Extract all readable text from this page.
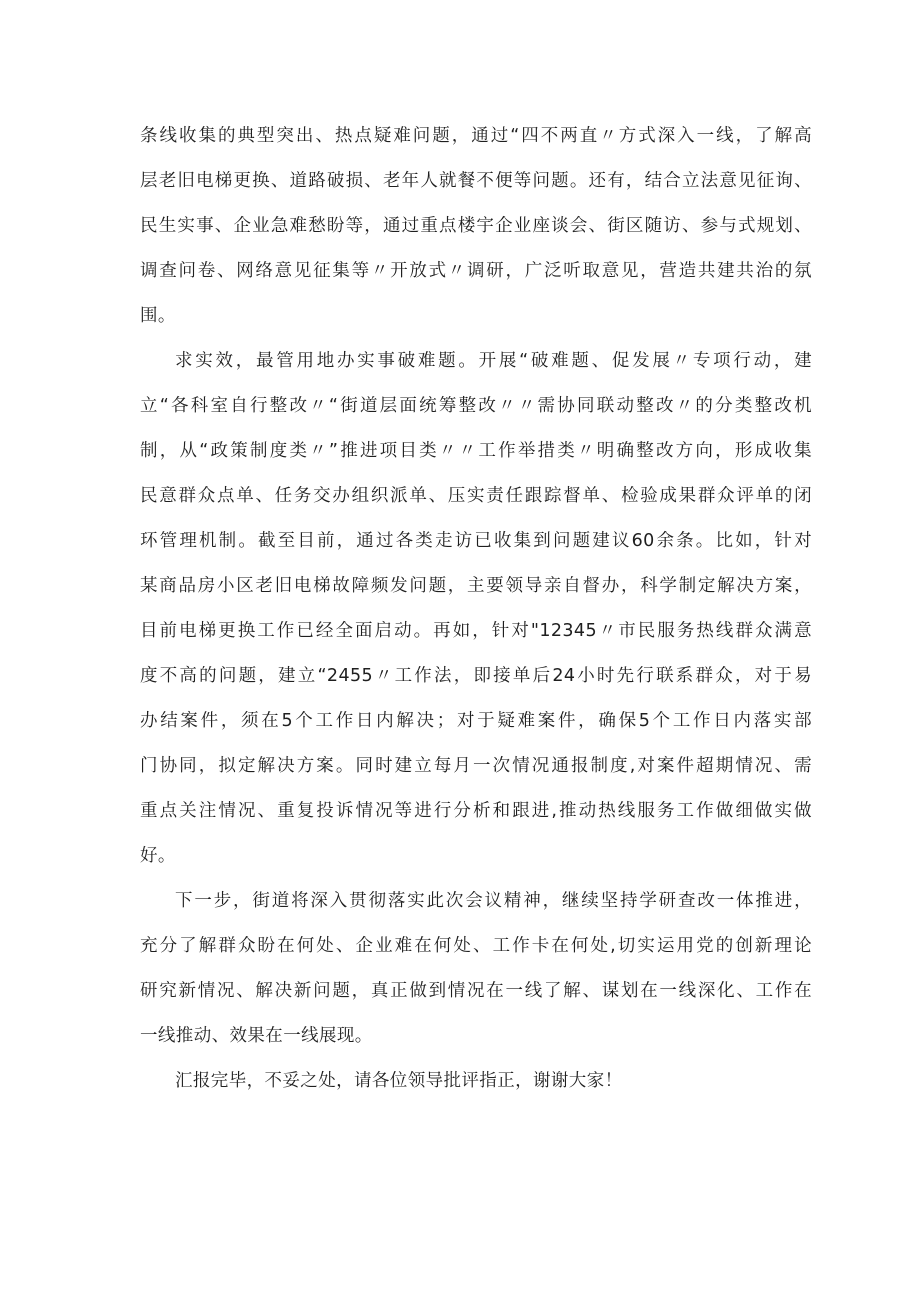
条线收集的典型突出、热点疑难问题，通过“四不两直〃方式深入一线，了解高
层老旧电梯更换、道路破损、老年人就餐不便等问题。还有，结合立法意见征询、
民生实事、企业急难愁盼等，通过重点楼宇企业座谈会、街区随访、参与式规划、
调查问卷、网络意见征集等〃开放式〃调研，广泛听取意见，营造共建共治的氛
围。
求实效，最管用地办实事破难题。开展“破难题、促发展〃专项行动，建
立“各科室自行整改〃“街道层面统筹整改〃〃需协同联动整改〃的分类整改机
制，从“政策制度类〃”推进项目类〃〃工作举措类〃明确整改方向，形成收集
民意群众点单、任务交办组织派单、压实责任跟踪督单、检验成果群众评单的闭
环管理机制。截至目前，通过各类走访已收集到问题建议60余条。比如，针对
某商品房小区老旧电梯故障频发问题，主要领导亲自督办，科学制定解决方案，
目前电梯更换工作已经全面启动。再如，针对"12345〃市民服务热线群众满意
度不高的问题，建立“2455〃工作法，即接单后24小时先行联系群众，对于易
办结案件，须在5个工作日内解决；对于疑难案件，确保5个工作日内落实部
门协同，拟定解决方案。同时建立每月一次情况通报制度,对案件超期情况、需
重点关注情况、重复投诉情况等进行分析和跟进,推动热线服务工作做细做实做
好。
下一步，街道将深入贯彻落实此次会议精神，继续坚持学研查改一体推进，
充分了解群众盼在何处、企业难在何处、工作卡在何处,切实运用党的创新理论
研究新情况、解决新问题，真正做到情况在一线了解、谋划在一线深化、工作在
一线推动、效果在一线展现。
汇报完毕，不妥之处，请各位领导批评指正，谢谢大家！
